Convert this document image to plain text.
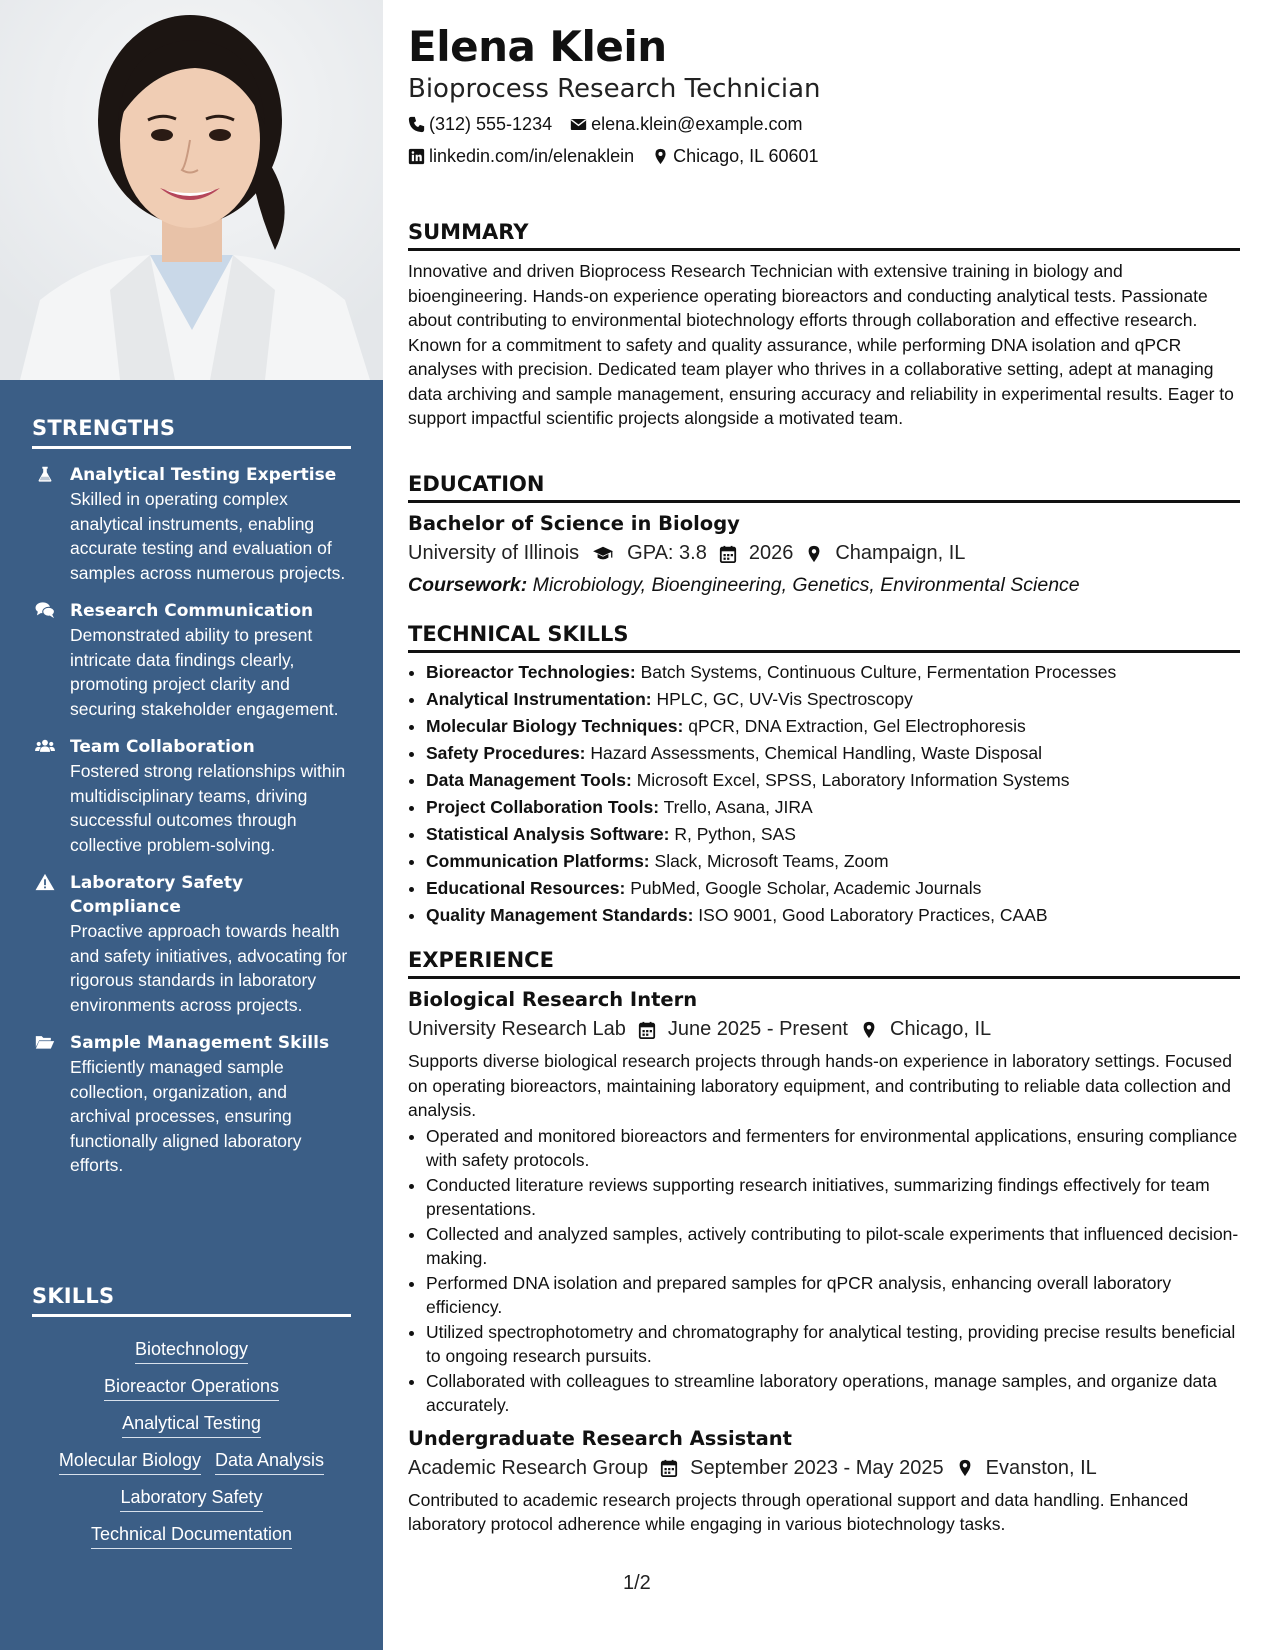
STRENGTHS
Analytical Testing Expertise
Skilled in operating complex analytical instruments, enabling accurate testing and evaluation of samples across numerous projects.
Research Communication
Demonstrated ability to present intricate data findings clearly, promoting project clarity and securing stakeholder engagement.
Team Collaboration
Fostered strong relationships within multidisciplinary teams, driving successful outcomes through collective problem-solving.
Laboratory Safety Compliance
Proactive approach towards health and safety initiatives, advocating for rigorous standards in laboratory environments across projects.
Sample Management Skills
Efficiently managed sample collection, organization, and archival processes, ensuring functionally aligned laboratory efforts.
SKILLS
Biotechnology
Bioreactor Operations
Analytical Testing
Molecular Biology Data Analysis
Laboratory Safety
Technical Documentation
Elena Klein
Bioprocess Research Technician
(312) 555-1234 elena.klein@example.com
linkedin.com/in/elenaklein Chicago, IL 60601
SUMMARY
Innovative and driven Bioprocess Research Technician with extensive training in biology and bioengineering. Hands-on experience operating bioreactors and conducting analytical tests. Passionate about contributing to environmental biotechnology efforts through collaboration and effective research. Known for a commitment to safety and quality assurance, while performing DNA isolation and qPCR analyses with precision. Dedicated team player who thrives in a collaborative setting, adept at managing data archiving and sample management, ensuring accuracy and reliability in experimental results. Eager to support impactful scientific projects alongside a motivated team.
EDUCATION
Bachelor of Science in Biology
University of Illinois GPA: 3.8 2026 Champaign, IL
Coursework: Microbiology, Bioengineering, Genetics, Environmental Science
TECHNICAL SKILLS
• Bioreactor Technologies: Batch Systems, Continuous Culture, Fermentation Processes
• Analytical Instrumentation: HPLC, GC, UV-Vis Spectroscopy
• Molecular Biology Techniques: qPCR, DNA Extraction, Gel Electrophoresis
• Safety Procedures: Hazard Assessments, Chemical Handling, Waste Disposal
• Data Management Tools: Microsoft Excel, SPSS, Laboratory Information Systems
• Project Collaboration Tools: Trello, Asana, JIRA
• Statistical Analysis Software: R, Python, SAS
• Communication Platforms: Slack, Microsoft Teams, Zoom
• Educational Resources: PubMed, Google Scholar, Academic Journals
• Quality Management Standards: ISO 9001, Good Laboratory Practices, CAAB
EXPERIENCE
Biological Research Intern
University Research Lab June 2025 - Present Chicago, IL
Supports diverse biological research projects through hands-on experience in laboratory settings. Focused on operating bioreactors, maintaining laboratory equipment, and contributing to reliable data collection and analysis.
• Operated and monitored bioreactors and fermenters for environmental applications, ensuring compliance with safety protocols.
• Conducted literature reviews supporting research initiatives, summarizing findings effectively for team presentations.
• Collected and analyzed samples, actively contributing to pilot-scale experiments that influenced decision-making.
• Performed DNA isolation and prepared samples for qPCR analysis, enhancing overall laboratory efficiency.
• Utilized spectrophotometry and chromatography for analytical testing, providing precise results beneficial to ongoing research pursuits.
• Collaborated with colleagues to streamline laboratory operations, manage samples, and organize data accurately.
Undergraduate Research Assistant
Academic Research Group September 2023 - May 2025 Evanston, IL
Contributed to academic research projects through operational support and data handling. Enhanced laboratory protocol adherence while engaging in various biotechnology tasks.
1/2
